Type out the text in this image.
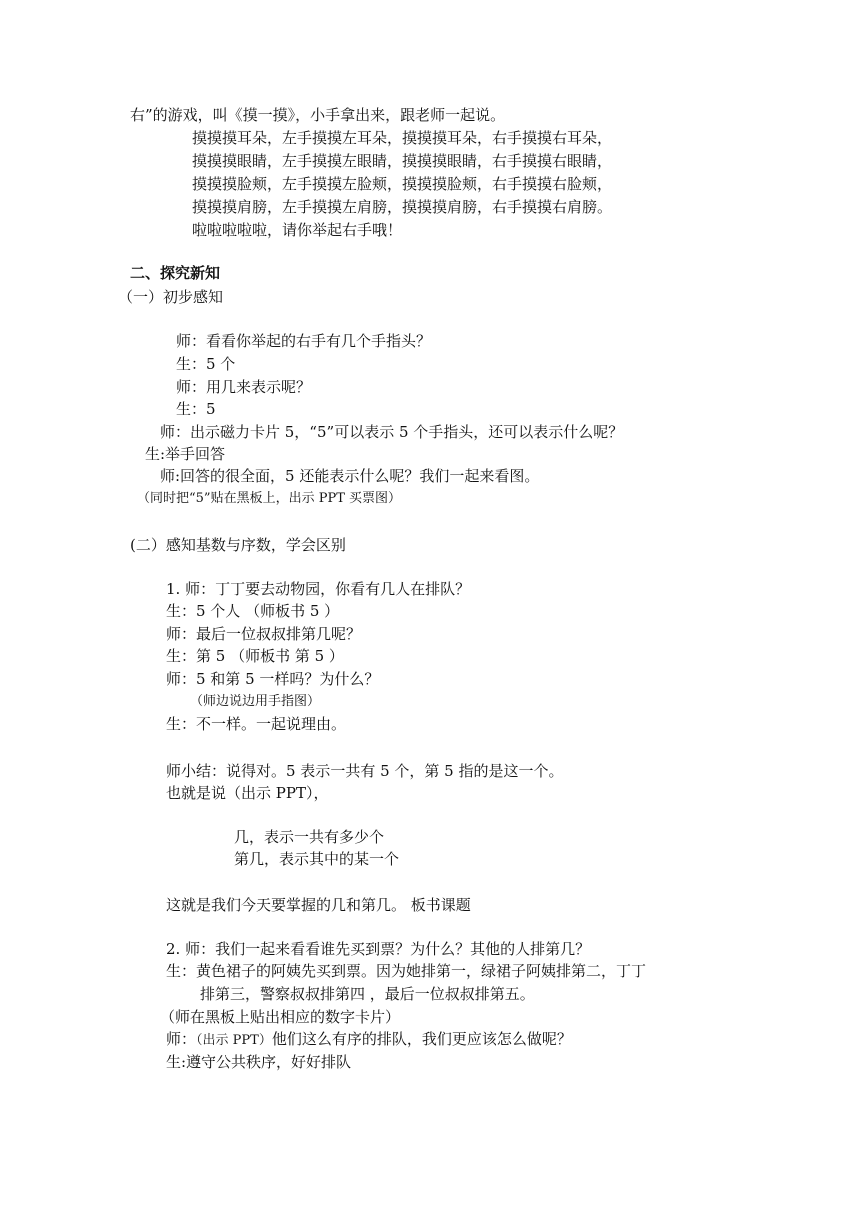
右”的游戏，叫《摸一摸》，小手拿出来，跟老师一起说。
摸摸摸耳朵，左手摸摸左耳朵，摸摸摸耳朵，右手摸摸右耳朵，
摸摸摸眼睛，左手摸摸左眼睛，摸摸摸眼睛，右手摸摸右眼睛，
摸摸摸脸颊，左手摸摸左脸颊，摸摸摸脸颊，右手摸摸右脸颊，
摸摸摸肩膀，左手摸摸左肩膀，摸摸摸肩膀，右手摸摸右肩膀。
啦啦啦啦啦，请你举起右手哦！
二、探究新知
（一）初步感知
师：看看你举起的右手有几个手指头？
生：5 个
师：用几来表示呢？
生：5
师：出示磁力卡片 5，“5”可以表示 5 个手指头，还可以表示什么呢？
生:举手回答
师:回答的很全面，5 还能表示什么呢？我们一起来看图。
（同时把“5”贴在黑板上，出示 PPT 买票图）
(二）感知基数与序数，学会区别
1. 师：丁丁要去动物园，你看有几人在排队？
生：5 个人 （师板书 5 ）
师：最后一位叔叔排第几呢？
生：第 5 （师板书 第 5 ）
师：5 和第 5 一样吗？为什么？
（师边说边用手指图）
生：不一样。一起说理由。
师小结：说得对。5 表示一共有 5 个，第 5 指的是这一个。
也就是说（出示 PPT），
几，表示一共有多少个
第几，表示其中的某一个
这就是我们今天要掌握的几和第几。 板书课题
2. 师：我们一起来看看谁先买到票？为什么？其他的人排第几？
生：黄色裙子的阿姨先买到票。因为她排第一，绿裙子阿姨排第二，丁丁
排第三，警察叔叔排第四 ，最后一位叔叔排第五。
（师在黑板上贴出相应的数字卡片）
师：（出示 PPT）他们这么有序的排队，我们更应该怎么做呢？
生:遵守公共秩序，好好排队
